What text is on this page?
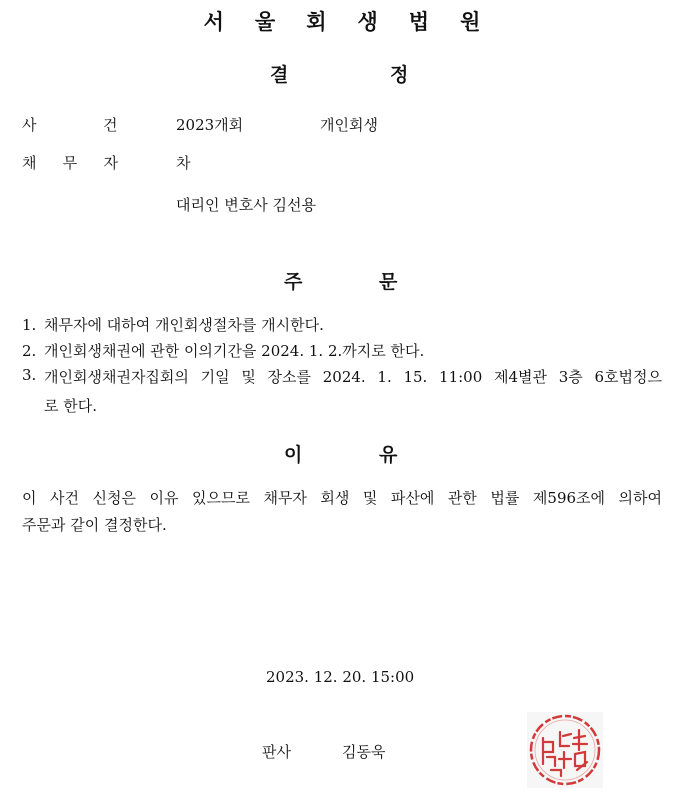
서울회생법원
결	정
사	건	2023개회	개인회생
채 무 자	차
대리인 변호사 김선용
주	문
1. 채무자에 대하여 개인회생절차를 개시한다.
2. 개인회생채권에 관한 이의기간을 2024. 1. 2.까지로 한다.
3. 개인회생채권자집회의 기일 및 장소를 2024. 1. 15. 11:00 제4별관 3층 6호법정으
로 한다.
이	유
이 사건 신청은 이유 있으므로 채무자 회생 및 파산에 관한 법률 제596조에 의하여
주문과 같이 결정한다.
2023. 12. 20. 15:00
판사	김동욱
